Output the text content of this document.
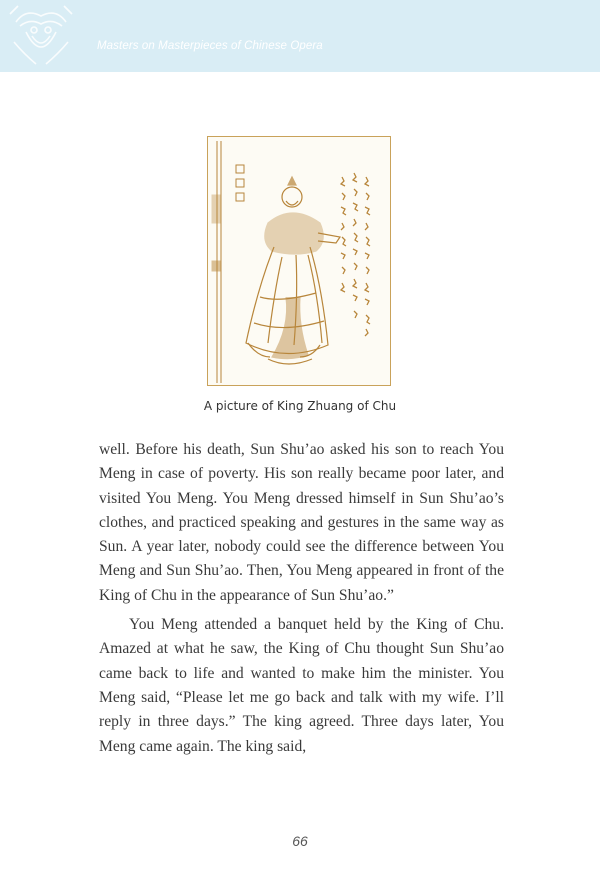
Masters on Masterpieces of Chinese Opera
A picture of King Zhuang of Chu

well. Before his death, Sun Shu’ao asked his son to reach You Meng in case of poverty. His son really became poor later, and visited You Meng. You Meng dressed himself in Sun Shu’ao’s clothes, and practiced speaking and gestures in the same way as Sun. A year later, nobody could see the difference between You Meng and Sun Shu’ao. Then, You Meng appeared in front of the King of Chu in the appearance of Sun Shu’ao.”

You Meng attended a banquet held by the King of Chu. Amazed at what he saw, the King of Chu thought Sun Shu’ao came back to life and wanted to make him the minister. You Meng said, “Please let me go back and talk with my wife. I’ll reply in three days.” The king agreed. Three days later, You Meng came again. The king said,

66
